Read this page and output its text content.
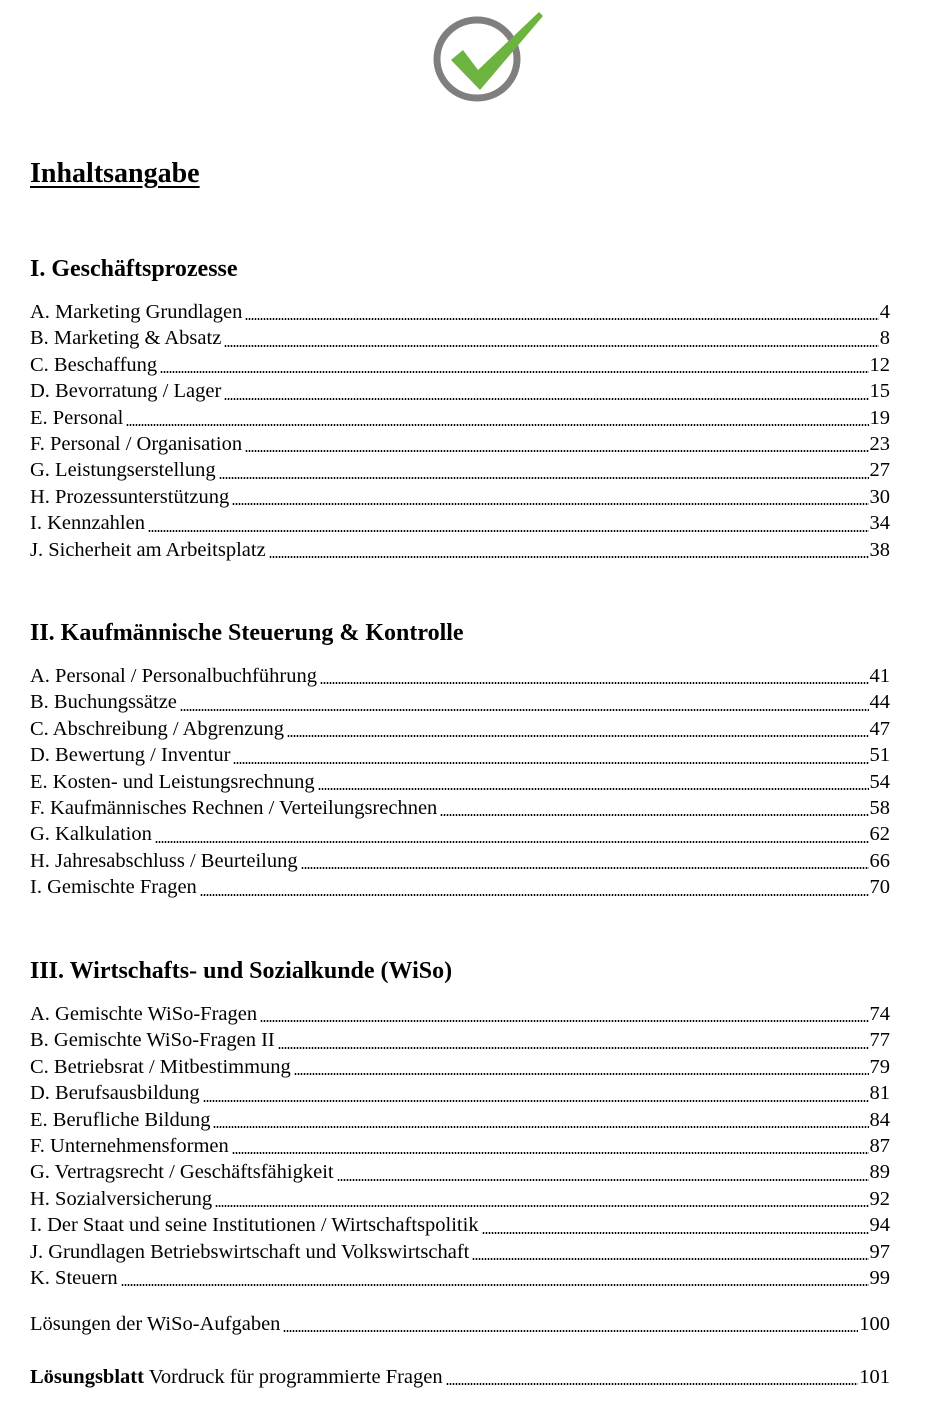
Inhaltsangabe
I. Geschäftsprozesse
A. Marketing Grundlagen	4
B. Marketing & Absatz	8
C. Beschaffung	12
D. Bevorratung / Lager	15
E. Personal	19
F. Personal / Organisation	23
G. Leistungserstellung	27
H. Prozessunterstützung	30
I. Kennzahlen	34
J. Sicherheit am Arbeitsplatz	38
II. Kaufmännische Steuerung & Kontrolle
A. Personal / Personalbuchführung	41
B. Buchungssätze	44
C. Abschreibung / Abgrenzung	47
D. Bewertung / Inventur	51
E. Kosten- und Leistungsrechnung	54
F. Kaufmännisches Rechnen / Verteilungsrechnen	58
G. Kalkulation	62
H. Jahresabschluss / Beurteilung	66
I. Gemischte Fragen	70
III. Wirtschafts- und Sozialkunde (WiSo)
A. Gemischte WiSo-Fragen	74
B. Gemischte WiSo-Fragen II	77
C. Betriebsrat / Mitbestimmung	79
D. Berufsausbildung	81
E. Berufliche Bildung	84
F. Unternehmensformen	87
G. Vertragsrecht / Geschäftsfähigkeit	89
H. Sozialversicherung	92
I. Der Staat und seine Institutionen / Wirtschaftspolitik	94
J. Grundlagen Betriebswirtschaft und Volkswirtschaft	97
K. Steuern	99
Lösungen der WiSo-Aufgaben	100
Lösungsblatt Vordruck für programmierte Fragen	101
